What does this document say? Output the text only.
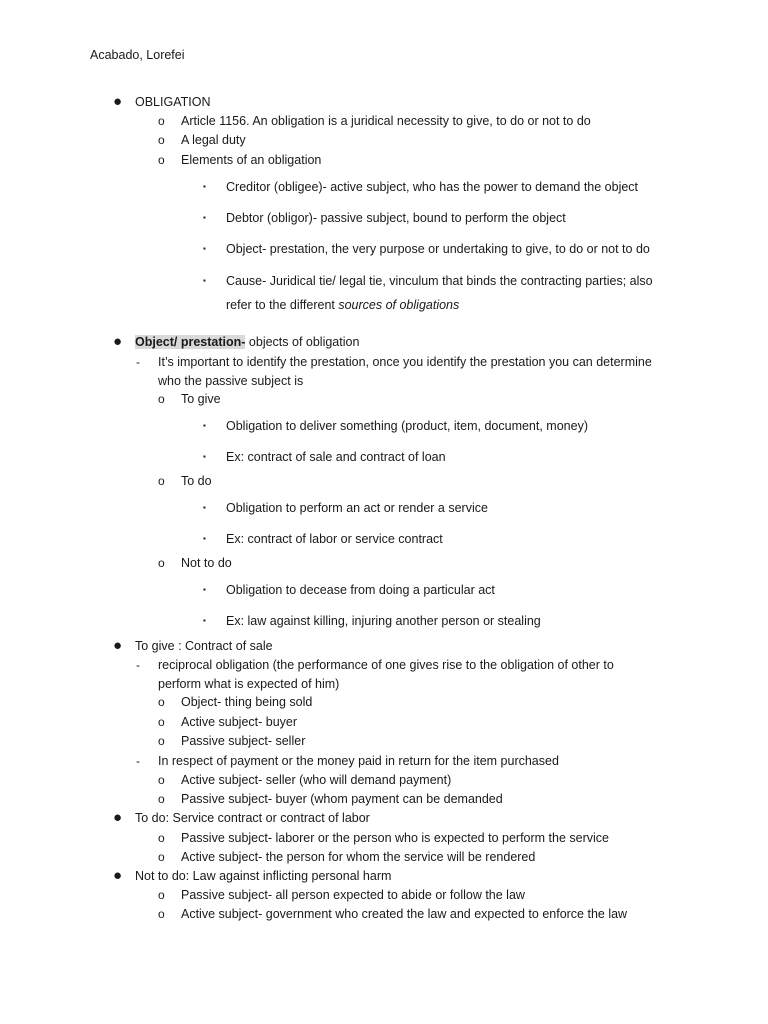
Acabado, Lorefei
● OBLIGATION
o Article 1156. An obligation is a juridical necessity to give, to do or not to do
o A legal duty
o Elements of an obligation
▪ Creditor (obligee)- active subject, who has the power to demand the object
▪ Debtor (obligor)- passive subject, bound to perform the object
▪ Object- prestation, the very purpose or undertaking to give, to do or not to do
▪ Cause- Juridical tie/ legal tie, vinculum that binds the contracting parties; also
refer to the different sources of obligations
● Object/ prestation- objects of obligation
- It’s important to identify the prestation, once you identify the prestation you can determine
who the passive subject is
o To give
▪ Obligation to deliver something (product, item, document, money)
▪ Ex: contract of sale and contract of loan
o To do
▪ Obligation to perform an act or render a service
▪ Ex: contract of labor or service contract
o Not to do
▪ Obligation to decease from doing a particular act
▪ Ex: law against killing, injuring another person or stealing
● To give : Contract of sale
- reciprocal obligation (the performance of one gives rise to the obligation of other to
perform what is expected of him)
o Object- thing being sold
o Active subject- buyer
o Passive subject- seller
- In respect of payment or the money paid in return for the item purchased
o Active subject- seller (who will demand payment)
o Passive subject- buyer (whom payment can be demanded
● To do: Service contract or contract of labor
o Passive subject- laborer or the person who is expected to perform the service
o Active subject- the person for whom the service will be rendered
● Not to do: Law against inflicting personal harm
o Passive subject- all person expected to abide or follow the law
o Active subject- government who created the law and expected to enforce the law
